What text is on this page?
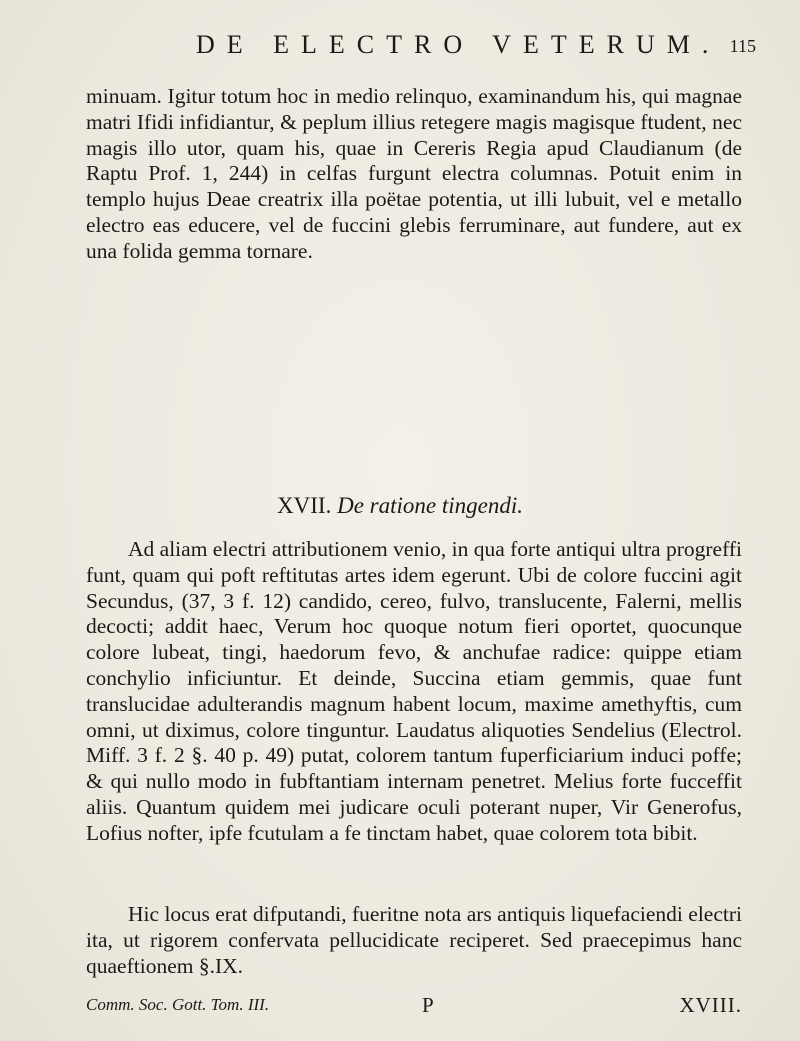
DE ELECTRO VETERUM. 115

minuam. Igitur totum hoc in medio relinquo, examinandum his, qui magnae matri Ifidi infidiantur, & peplum illius retegere magis magisque ftudent, nec magis illo utor, quam his, quae in Cereris Regia apud Claudianum (de Raptu Prof. 1, 244) in celfas furgunt electra columnas. Potuit enim in templo hujus Deae creatrix illa poëtae potentia, ut illi lubuit, vel e metallo electro eas educere, vel de fuccini glebis ferruminare, aut fundere, aut ex una folida gemma tornare.

XVII. De ratione tingendi.

Ad aliam electri attributionem venio, in qua forte antiqui ultra progreffi funt, quam qui poft reftitutas artes idem egerunt. Ubi de colore fuccini agit Secundus, (37, 3 f. 12) candido, cereo, fulvo, translucente, Falerni, mellis decocti; addit haec, Verum hoc quoque notum fieri oportet, quocunque colore lubeat, tingi, haedorum fevo, & anchufae radice: quippe etiam conchylio inficiuntur. Et deinde, Succina etiam gemmis, quae funt translucidae adulterandis magnum habent locum, maxime amethyftis, cum omni, ut diximus, colore tinguntur. Laudatus aliquoties Sendelius (Electrol. Miff. 3 f. 2 §. 40 p. 49) putat, colorem tantum fuperficiarium induci poffe; & qui nullo modo in fubftantiam internam penetret. Melius forte fucceffit aliis. Quantum quidem mei judicare oculi poterant nuper, Vir Generofus, Lofius nofter, ipfe fcutulam a fe tinctam habet, quae colorem tota bibit.

Hic locus erat difputandi, fueritne nota ars antiquis liquefaciendi electri ita, ut rigorem confervata pellucidicate reciperet. Sed praecepimus hanc quaeftionem §.IX.

Comm. Soc. Gott. Tom. III.	P	XVIII.
